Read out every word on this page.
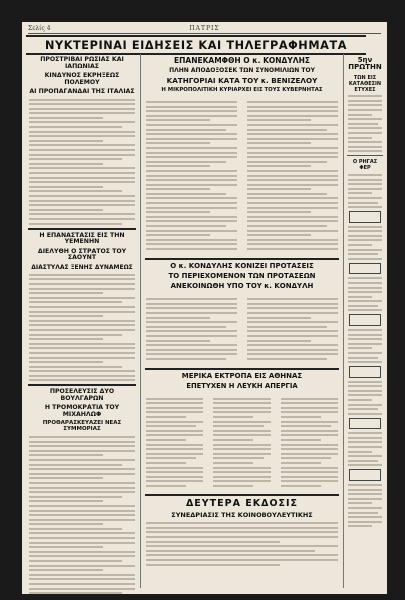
Σελίς 4	ΠΑΤΡΙΣ
ΝΥΚΤΕΡΙΝΑΙ ΕΙΔΗΣΕΙΣ ΚΑΙ ΤΗΛΕΓΡΑΦΗΜΑΤΑ
ΠΡΟΣΤΡΙΒΑΙ ΡΩΣΙΑΣ ΚΑΙ ΙΑΠΩΝΙΑΣ
ΚΙΝΔΥΝΟΣ ΕΚΡΗΞΕΩΣ ΠΟΛΕΜΟΥ
ΑΙ ΠΡΟΠΑΓΑΝΔΑΙ ΤΗΣ ΙΤΑΛΙΑΣ
Η ΕΠΑΝΑΣΤΑΣΙΣ ΕΙΣ ΤΗΝ ΥΕΜΕΝΗΝ
ΔΙΕΛΥΘΗ Ο ΣΤΡΑΤΟΣ ΤΟΥ ΣΑΟΥΝΤ
ΔΙΑΣΤΥΛΑΣ ΞΕΝΗΣ ΔΥΝΑΜΕΩΣ
ΠΡΟΣΕΛΕΥΣΙΣ ΔΥΟ ΒΟΥΛΓΑΡΩΝ
Η ΤΡΟΜΟΚΡΑΤΙΑ ΤΟΥ ΜΙΧΑΗΛΩΦ
ΠΡΟΘΑΡΑΣΚΕΥΑΖΕΙ ΝΕΑΣ ΣΥΜΜΟΡΙΑΣ
ΕΠΑΝΕΚΑΜΦΘΗ Ο κ. ΚΟΝΔΥΛΗΣ
ΠΛΗΝ ΑΠΟΔΟΞΟΣΕΚ ΤΩΝ ΣΥΝΟΜΙΛΙΩΝ ΤΟΥ
ΚΑΤΗΓΟΡΙΑΙ ΚΑΤΑ ΤΟΥ κ. ΒΕΝΙΖΕΛΟΥ
Η ΜΙΚΡΟΠΟΛΙΤΙΚΗ ΚΥΡΙΑΡΧΕΙ ΕΙΣ ΤΟΥΣ ΚΥΒΕΡΝΗΤΑΣ
Ο κ. ΚΟΝΔΥΛΗΣ ΚΟΝΙΖΕΙ ΠΡΟΤΑΣΕΙΣ
ΤΟ ΠΕΡΙΕΧΟΜΕΝΟΝ ΤΩΝ ΠΡΟΤΑΣΕΩΝ
ΑΝΕΚΟΙΝΩΘΗ ΥΠΟ ΤΟΥ κ. ΚΟΝΔΥΛΗ
ΜΕΡΙΚΑ ΕΚΤΡΟΠΑ ΕΙΣ ΑΘΗΝΑΣ
ΕΠΕΤΥΧΕΝ Η ΛΕΥΚΗ ΑΠΕΡΓΙΑ
ΔΕΥΤΕΡΑ ΕΚΔΟΣΙΣ
ΣΥΝΕΔΡΙΑΣΙΣ ΤΗΣ ΚΟΙΝΟΒΟΥΛΕΥΤΙΚΗΣ
5ην ΠΡΩΤΗΝ
ΤΩΝ ΕΙΣ ΚΑΤΑΘΕΣΙΝ ΕΤΥΧΕΣ
Ο ΡΗΓΑΣ ΦΕΡ
